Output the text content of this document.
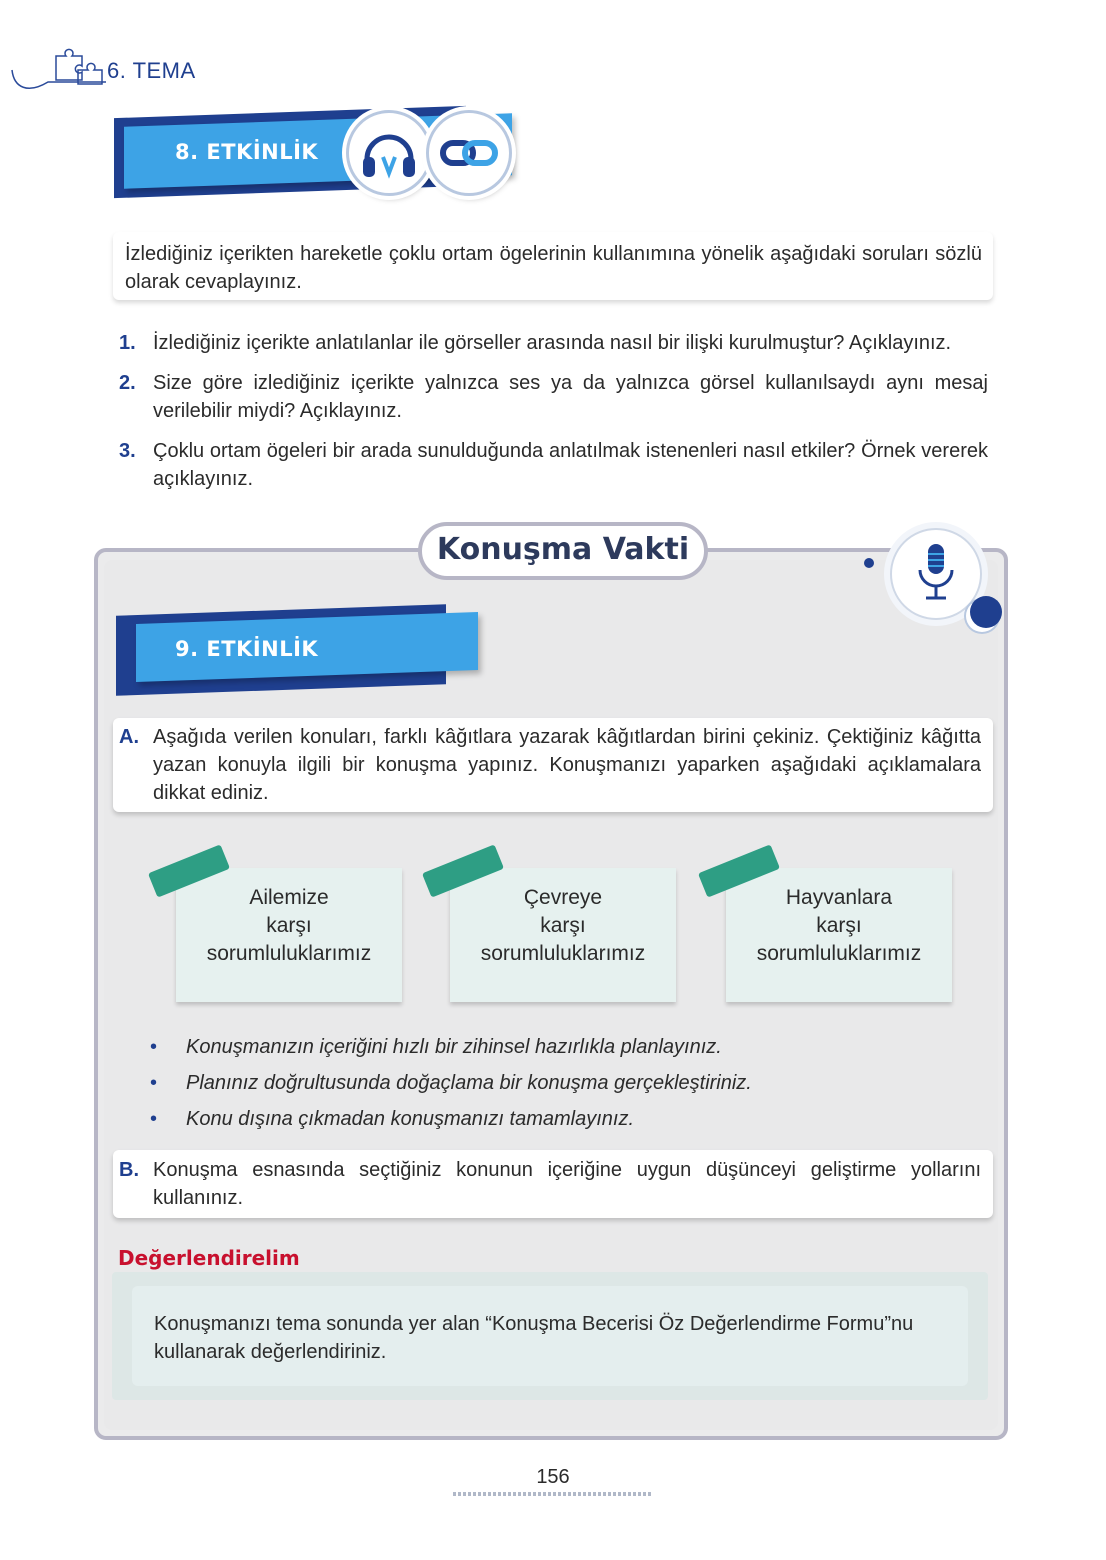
6. TEMA
8. ETKİNLİK
İzlediğiniz içerikten hareketle çoklu ortam ögelerinin kullanımına yönelik aşağıdaki soruları sözlü olarak cevaplayınız.
1. İzlediğiniz içerikte anlatılanlar ile görseller arasında nasıl bir ilişki kurulmuştur? Açıklayınız.
2. Size göre izlediğiniz içerikte yalnızca ses ya da yalnızca görsel kullanılsaydı aynı mesaj verilebilir miydi? Açıklayınız.
3. Çoklu ortam ögeleri bir arada sunulduğunda anlatılmak istenenleri nasıl etkiler? Örnek vererek açıklayınız.
Konuşma Vakti
9. ETKİNLİK
A. Aşağıda verilen konuları, farklı kâğıtlara yazarak kâğıtlardan birini çekiniz. Çektiğiniz kâğıtta yazan konuyla ilgili bir konuşma yapınız. Konuşmanızı yaparken aşağıdaki açıklamalara dikkat ediniz.
Ailemize
karşı
sorumluluklarımız
Çevreye
karşı
sorumluluklarımız
Hayvanlara
karşı
sorumluluklarımız
• Konuşmanızın içeriğini hızlı bir zihinsel hazırlıkla planlayınız.
• Planınız doğrultusunda doğaçlama bir konuşma gerçekleştiriniz.
• Konu dışına çıkmadan konuşmanızı tamamlayınız.
B. Konuşma esnasında seçtiğiniz konunun içeriğine uygun düşünceyi geliştirme yollarını kullanınız.
Değerlendirelim
Konuşmanızı tema sonunda yer alan “Konuşma Becerisi Öz Değerlendirme Formu”nu kullanarak değerlendiriniz.
156
